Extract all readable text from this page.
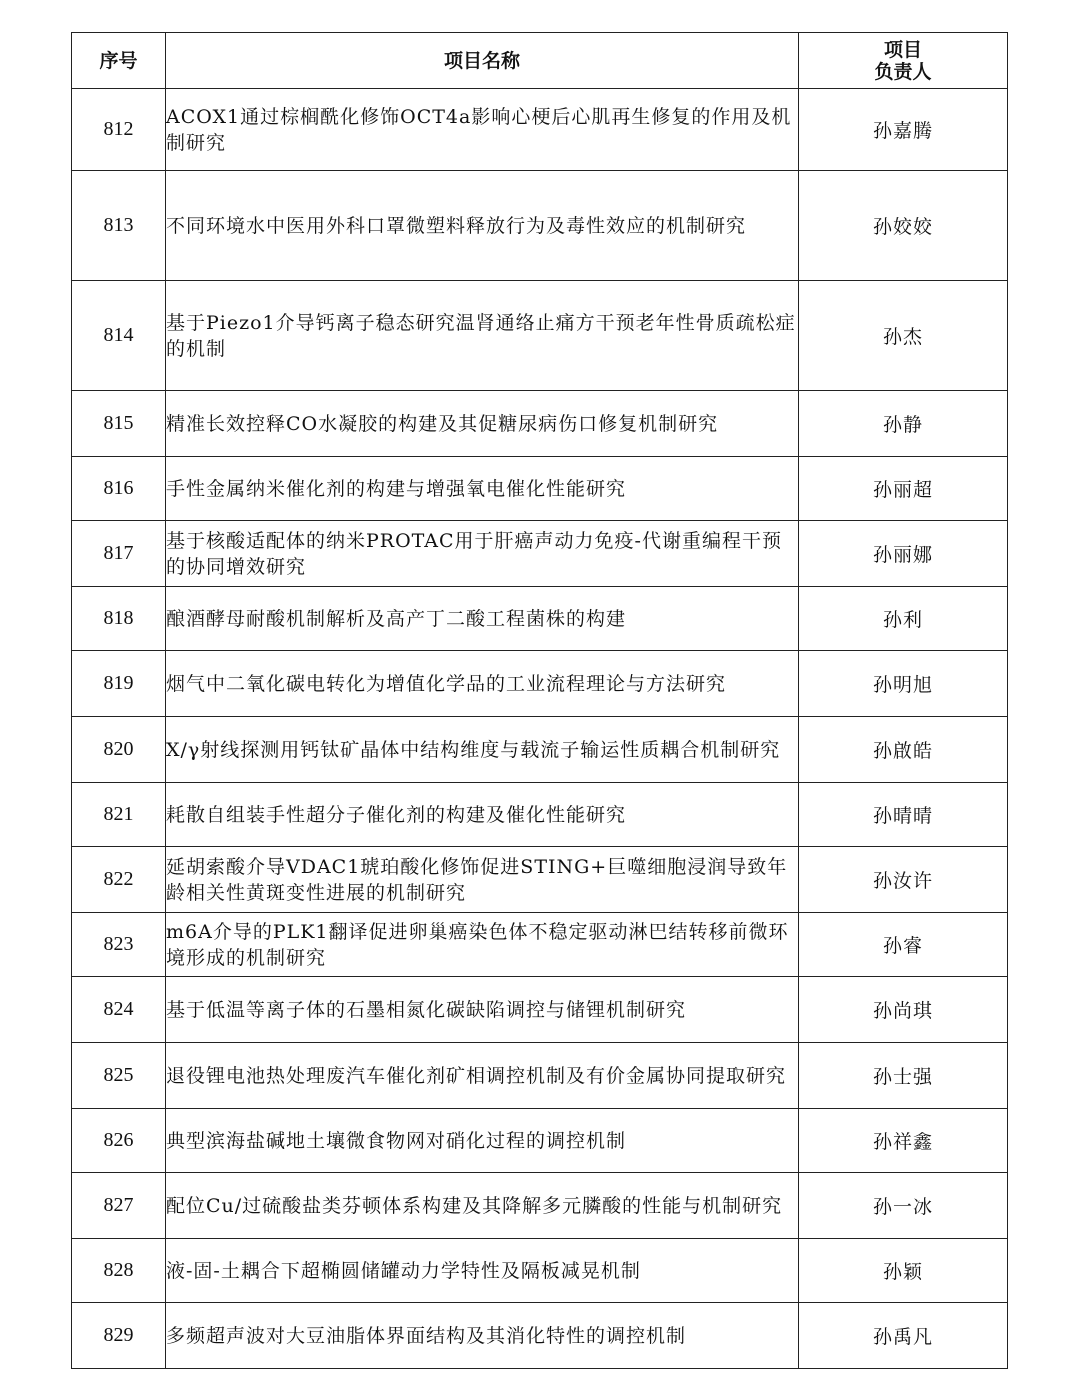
序号	项目名称	项目
负责人

812	ACOX1通过棕榈酰化修饰OCT4a影响心梗后心肌再生修复的作用及机制研究	孙嘉腾
813	不同环境水中医用外科口罩微塑料释放行为及毒性效应的机制研究	孙姣姣
814	基于Piezo1介导钙离子稳态研究温肾通络止痛方干预老年性骨质疏松症的机制	孙杰
815	精准长效控释CO水凝胶的构建及其促糖尿病伤口修复机制研究	孙静
816	手性金属纳米催化剂的构建与增强氧电催化性能研究	孙丽超
817	基于核酸适配体的纳米PROTAC用于肝癌声动力免疫-代谢重编程干预的协同增效研究	孙丽娜
818	酿酒酵母耐酸机制解析及高产丁二酸工程菌株的构建	孙利
819	烟气中二氧化碳电转化为增值化学品的工业流程理论与方法研究	孙明旭
820	X/γ射线探测用钙钛矿晶体中结构维度与载流子输运性质耦合机制研究	孙啟皓
821	耗散自组装手性超分子催化剂的构建及催化性能研究	孙晴晴
822	延胡索酸介导VDAC1琥珀酸化修饰促进STING+巨噬细胞浸润导致年龄相关性黄斑变性进展的机制研究	孙汝许
823	m6A介导的PLK1翻译促进卵巢癌染色体不稳定驱动淋巴结转移前微环境形成的机制研究	孙睿
824	基于低温等离子体的石墨相氮化碳缺陷调控与储锂机制研究	孙尚琪
825	退役锂电池热处理废汽车催化剂矿相调控机制及有价金属协同提取研究	孙士强
826	典型滨海盐碱地土壤微食物网对硝化过程的调控机制	孙祥鑫
827	配位Cu/过硫酸盐类芬顿体系构建及其降解多元膦酸的性能与机制研究	孙一冰
828	液-固-土耦合下超椭圆储罐动力学特性及隔板减晃机制	孙颖
829	多频超声波对大豆油脂体界面结构及其消化特性的调控机制	孙禹凡
